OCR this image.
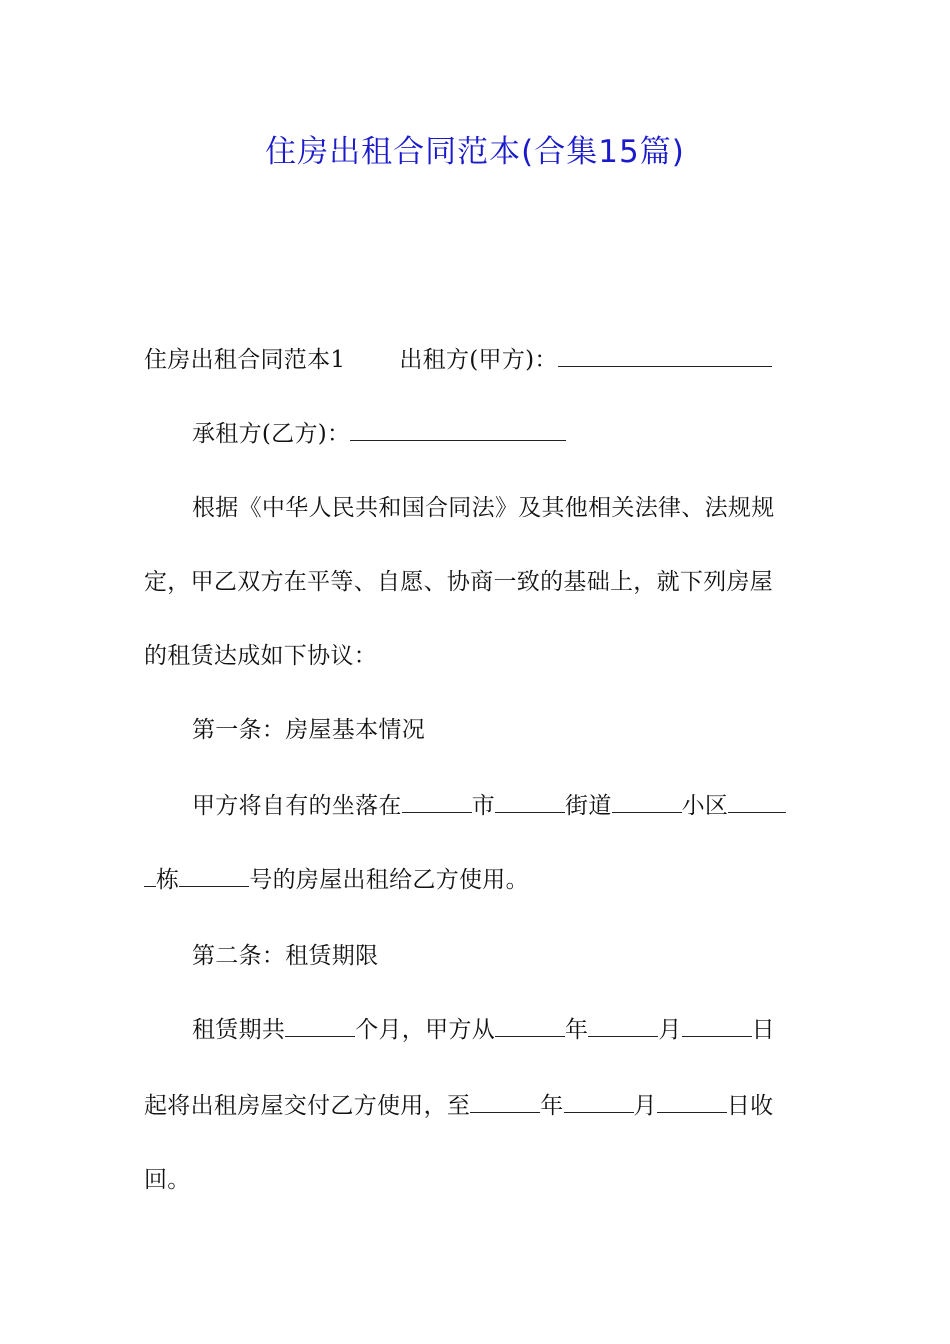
住房出租合同范本(合集15篇)
住房出租合同范本1 出租方(甲方)：
承租方(乙方)：
根据《中华人民共和国合同法》及其他相关法律、法规规
定，甲乙双方在平等、自愿、协商一致的基础上，就下列房屋
的租赁达成如下协议：
第一条：房屋基本情况
甲方将自有的坐落在	市	街道	小区
栋	号的房屋出租给乙方使用。
第二条：租赁期限
租赁期共	个月，甲方从	年	月	日
起将出租房屋交付乙方使用，至	年	月	日收
回。
